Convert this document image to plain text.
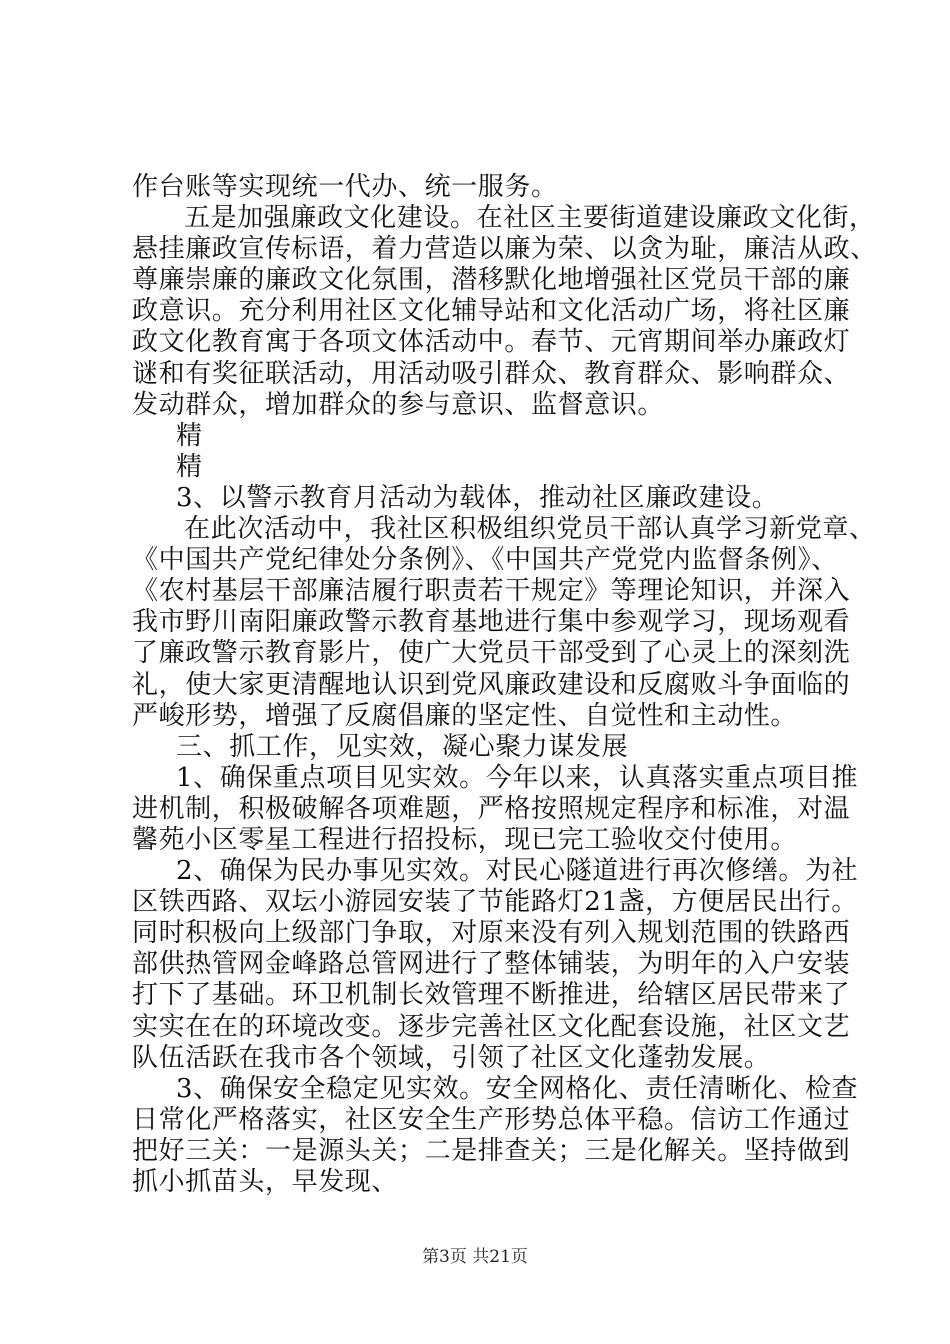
作台账等实现统一代办、统一服务。
五是加强廉政文化建设。在社区主要街道建设廉政文化街，
悬挂廉政宣传标语，着力营造以廉为荣、以贪为耻，廉洁从政、
尊廉崇廉的廉政文化氛围，潜移默化地增强社区党员干部的廉
政意识。充分利用社区文化辅导站和文化活动广场，将社区廉
政文化教育寓于各项文体活动中。春节、元宵期间举办廉政灯
谜和有奖征联活动，用活动吸引群众、教育群众、影响群众、
发动群众，增加群众的参与意识、监督意识。
精
精
3、以警示教育月活动为载体，推动社区廉政建设。
在此次活动中，我社区积极组织党员干部认真学习新党章、
《中国共产党纪律处分条例》、《中国共产党党内监督条例》、
《农村基层干部廉洁履行职责若干规定》等理论知识，并深入
我市野川南阳廉政警示教育基地进行集中参观学习，现场观看
了廉政警示教育影片，使广大党员干部受到了心灵上的深刻洗
礼，使大家更清醒地认识到党风廉政建设和反腐败斗争面临的
严峻形势，增强了反腐倡廉的坚定性、自觉性和主动性。
三、抓工作，见实效，凝心聚力谋发展
1、确保重点项目见实效。今年以来，认真落实重点项目推
进机制，积极破解各项难题，严格按照规定程序和标准，对温
馨苑小区零星工程进行招投标，现已完工验收交付使用。
2、确保为民办事见实效。对民心隧道进行再次修缮。为社
区铁西路、双坛小游园安装了节能路灯21盏，方便居民出行。
同时积极向上级部门争取，对原来没有列入规划范围的铁路西
部供热管网金峰路总管网进行了整体铺装，为明年的入户安装
打下了基础。环卫机制长效管理不断推进，给辖区居民带来了
实实在在的环境改变。逐步完善社区文化配套设施，社区文艺
队伍活跃在我市各个领域，引领了社区文化蓬勃发展。
3、确保安全稳定见实效。安全网格化、责任清晰化、检查
日常化严格落实，社区安全生产形势总体平稳。信访工作通过
把好三关：一是源头关；二是排查关；三是化解关。坚持做到
抓小抓苗头，早发现、
第3页 共21页
